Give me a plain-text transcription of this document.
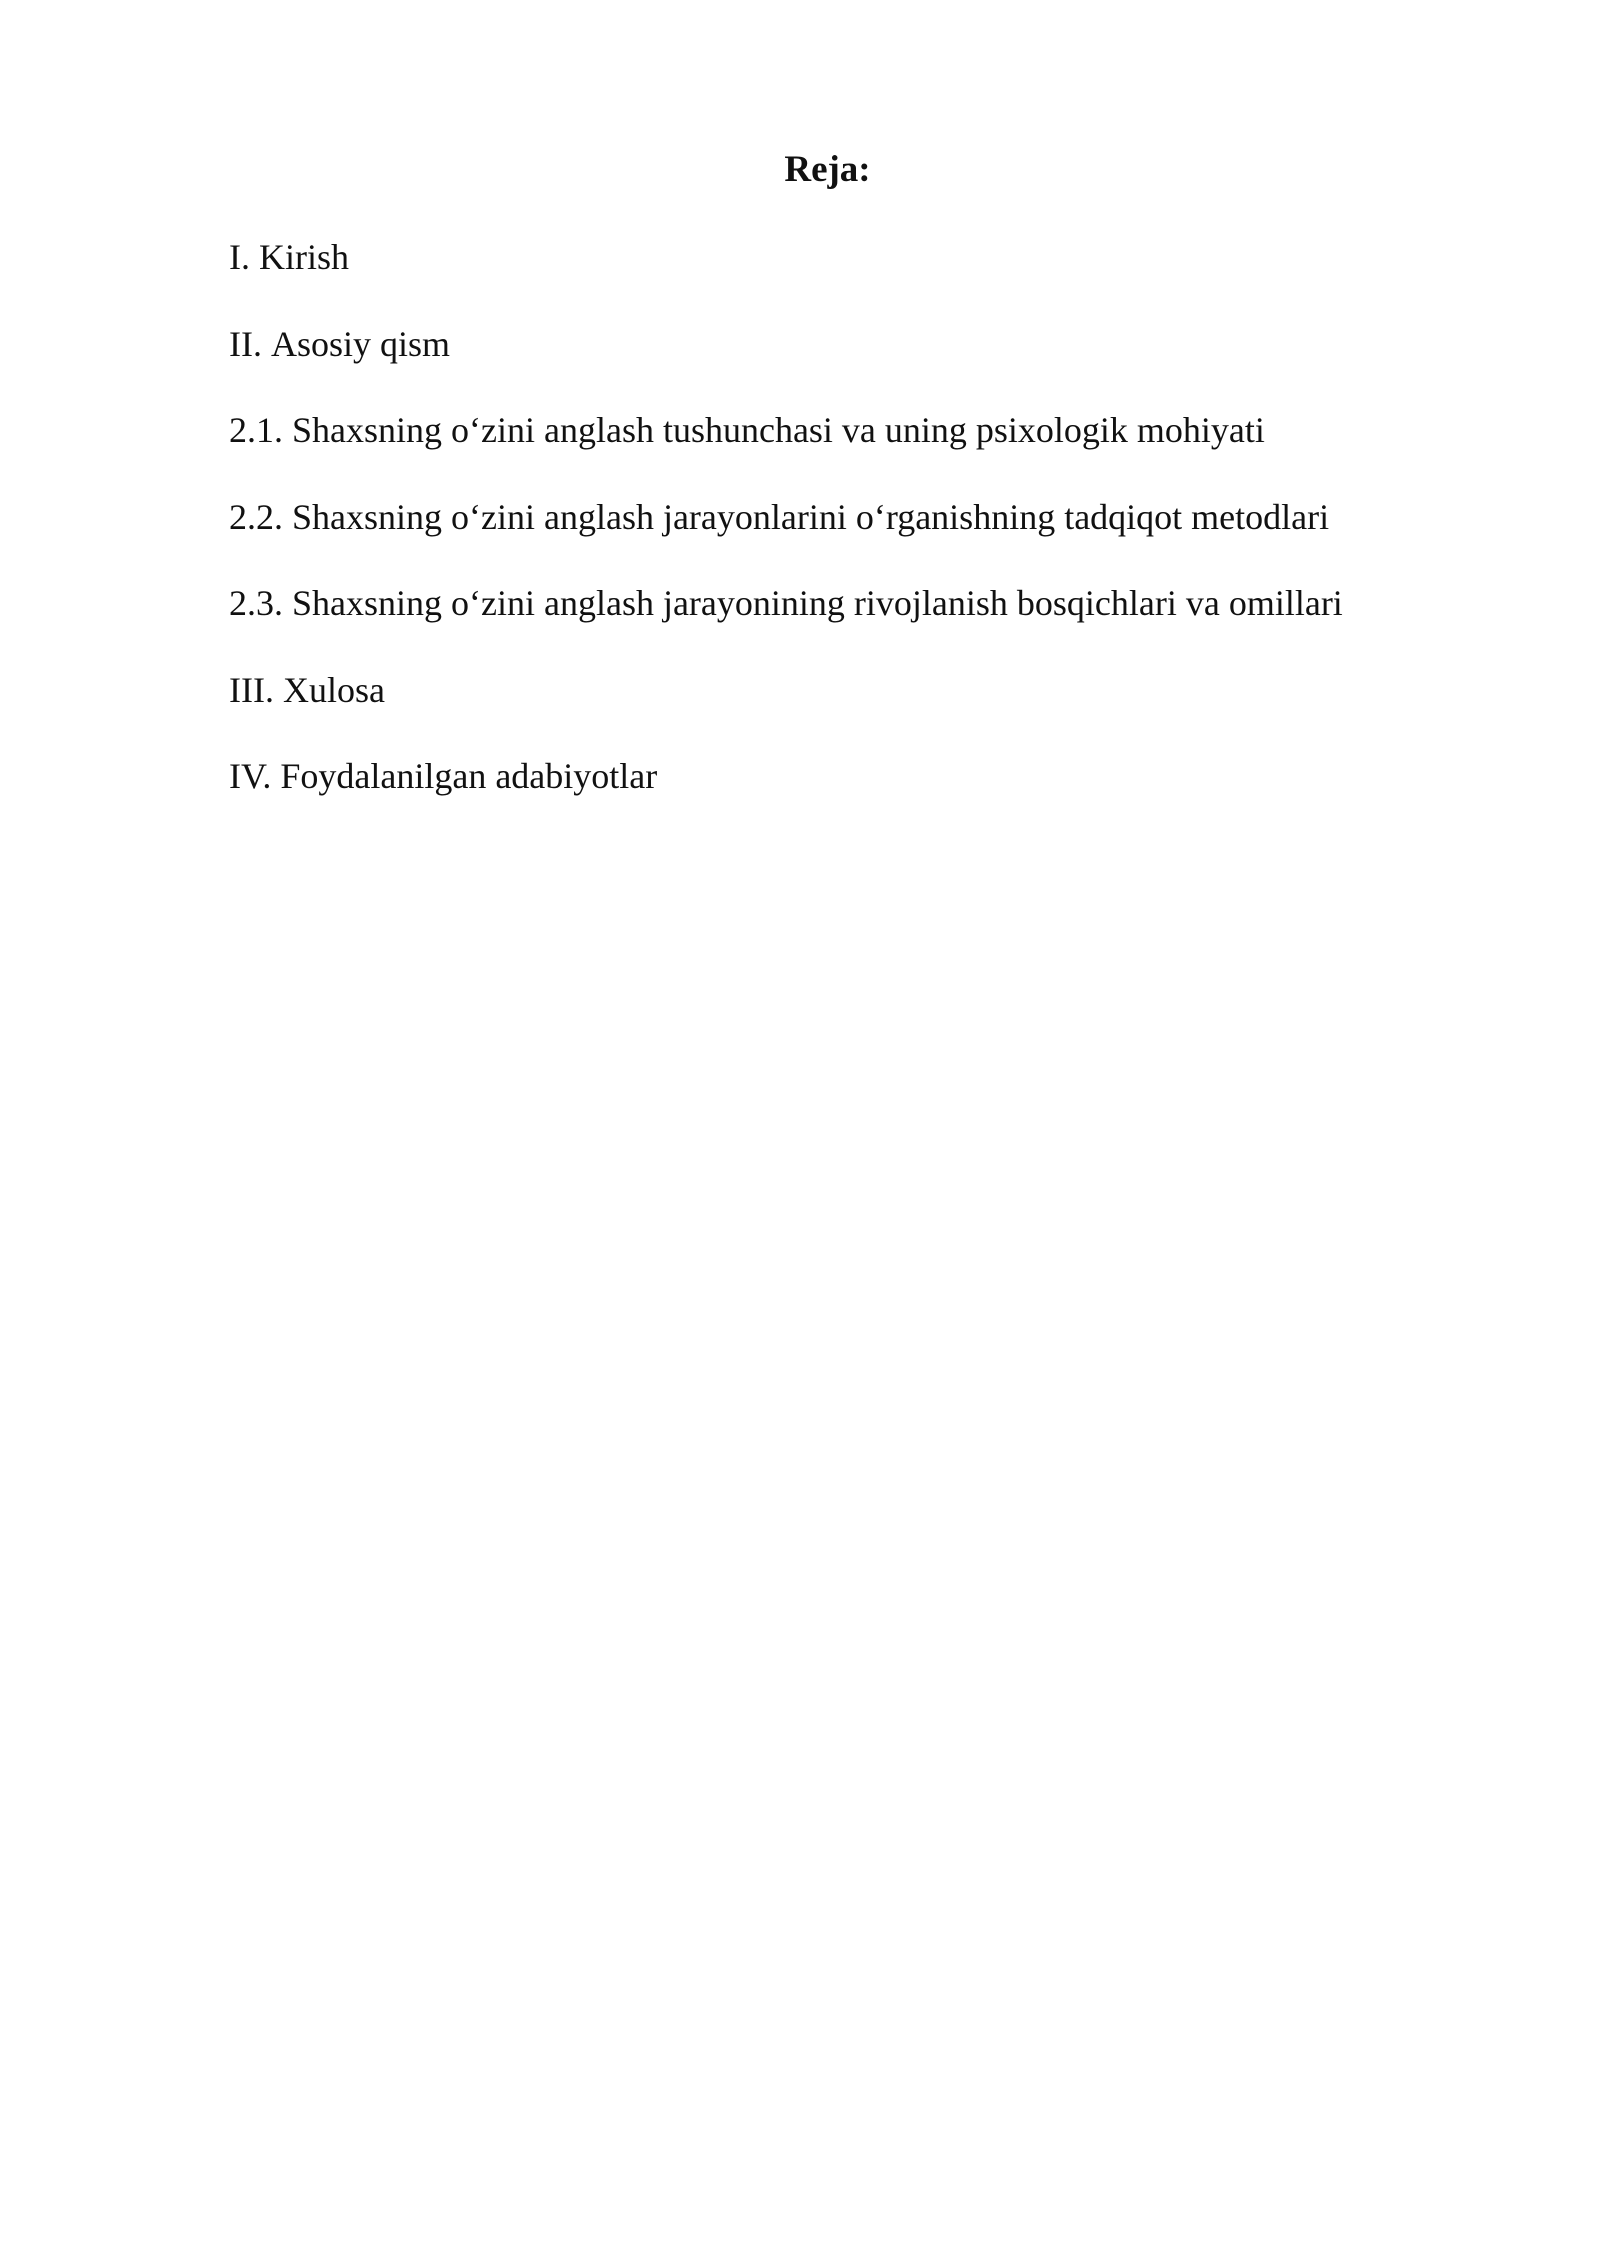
Reja:
I. Kirish
II. Asosiy qism
2.1. Shaxsning o‘zini anglash tushunchasi va uning psixologik mohiyati
2.2. Shaxsning o‘zini anglash jarayonlarini o‘rganishning tadqiqot metodlari
2.3. Shaxsning o‘zini anglash jarayonining rivojlanish bosqichlari va omillari
III. Xulosa
IV. Foydalanilgan adabiyotlar
